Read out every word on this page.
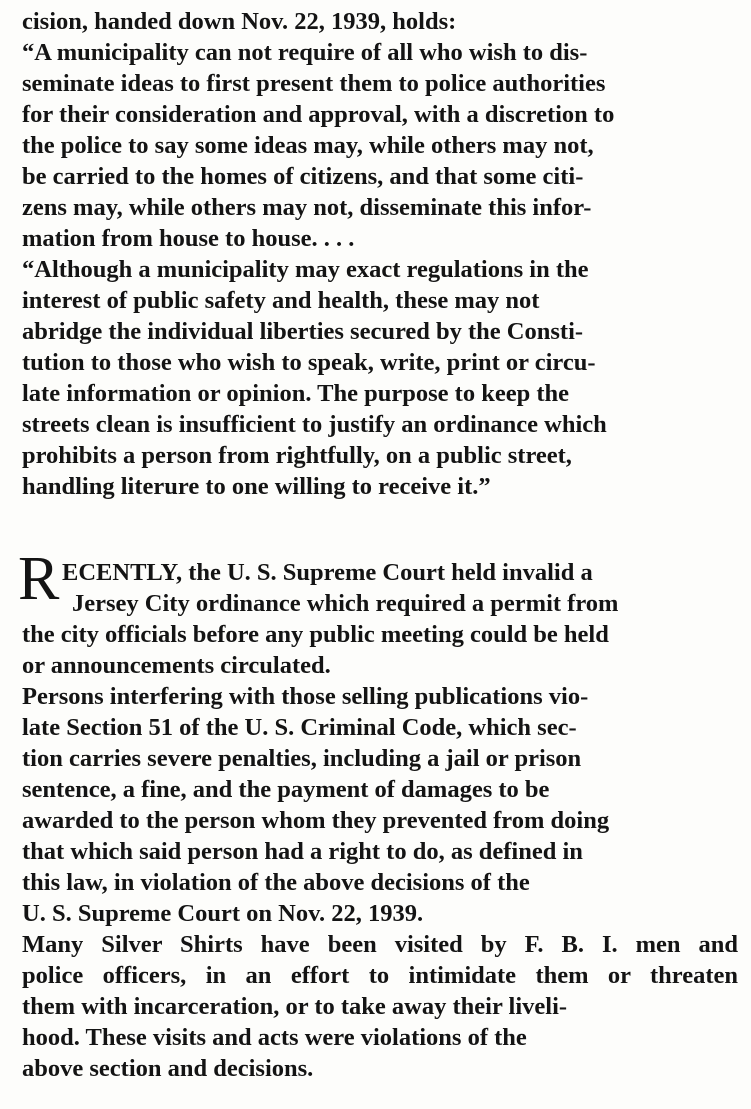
cision, handed down Nov. 22, 1939, holds:
“A municipality can not require of all who wish to dis-
seminate ideas to first present them to police authorities
for their consideration and approval, with a discretion to
the police to say some ideas may, while others may not,
be carried to the homes of citizens, and that some citi-
zens may, while others may not, disseminate this infor-
mation from house to house. . . .
“Although a municipality may exact regulations in the
interest of public safety and health, these may not
abridge the individual liberties secured by the Consti-
tution to those who wish to speak, write, print or circu-
late information or opinion. The purpose to keep the
streets clean is insufficient to justify an ordinance which
prohibits a person from rightfully, on a public street,
handling literure to one willing to receive it.”
R ECENTLY, the U. S. Supreme Court held invalid a
Jersey City ordinance which required a permit from
the city officials before any public meeting could be held
or announcements circulated.
Persons interfering with those selling publications vio-
late Section 51 of the U. S. Criminal Code, which sec-
tion carries severe penalties, including a jail or prison
sentence, a fine, and the payment of damages to be
awarded to the person whom they prevented from doing
that which said person had a right to do, as defined in
this law, in violation of the above decisions of the
U. S. Supreme Court on Nov. 22, 1939.
Many Silver Shirts have been visited by F. B. I. men and
police officers, in an effort to intimidate them or threaten
them with incarceration, or to take away their liveli-
hood. These visits and acts were violations of the
above section and decisions.
